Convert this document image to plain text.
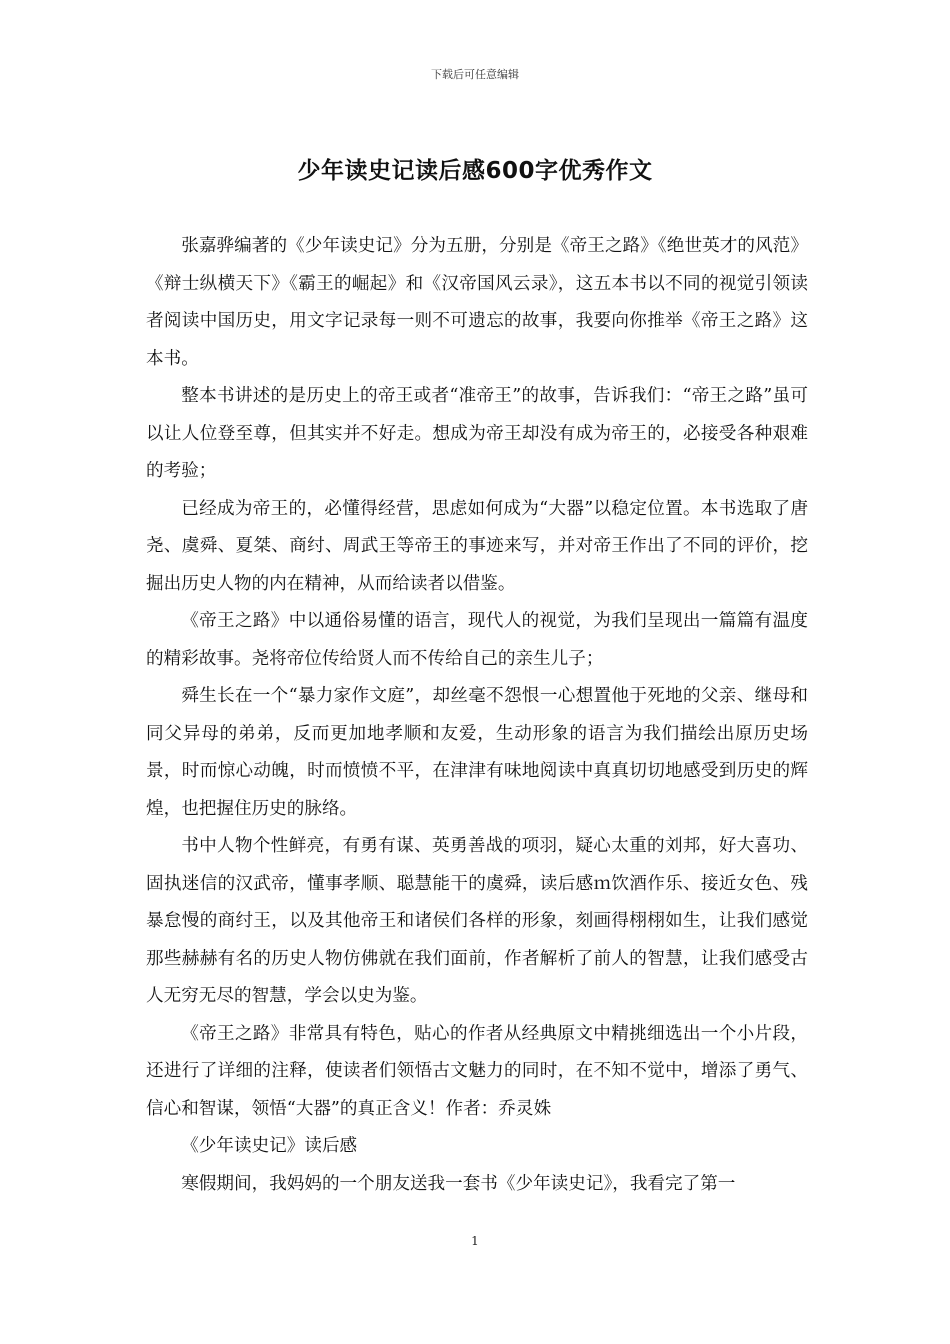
下载后可任意编辑
少年读史记读后感600字优秀作文

张嘉骅编著的《少年读史记》分为五册，分别是《帝王之路》《绝世英才的风范》《辩士纵横天下》《霸王的崛起》和《汉帝国风云录》，这五本书以不同的视觉引领读者阅读中国历史，用文字记录每一则不可遗忘的故事，我要向你推举《帝王之路》这本书。

整本书讲述的是历史上的帝王或者“准帝王”的故事，告诉我们：“帝王之路”虽可以让人位登至尊，但其实并不好走。想成为帝王却没有成为帝王的，必接受各种艰难的考验；

已经成为帝王的，必懂得经营，思虑如何成为“大器”以稳定位置。本书选取了唐尧、虞舜、夏桀、商纣、周武王等帝王的事迹来写，并对帝王作出了不同的评价，挖掘出历史人物的内在精神，从而给读者以借鉴。

《帝王之路》中以通俗易懂的语言，现代人的视觉，为我们呈现出一篇篇有温度的精彩故事。尧将帝位传给贤人而不传给自己的亲生儿子；

舜生长在一个“暴力家作文庭”，却丝毫不怨恨一心想置他于死地的父亲、继母和同父异母的弟弟，反而更加地孝顺和友爱，生动形象的语言为我们描绘出原历史场景，时而惊心动魄，时而愤愤不平，在津津有味地阅读中真真切切地感受到历史的辉煌，也把握住历史的脉络。

书中人物个性鲜亮，有勇有谋、英勇善战的项羽，疑心太重的刘邦，好大喜功、固执迷信的汉武帝，懂事孝顺、聪慧能干的虞舜，读后感ｍ饮酒作乐、接近女色、残暴怠慢的商纣王，以及其他帝王和诸侯们各样的形象，刻画得栩栩如生，让我们感觉那些赫赫有名的历史人物仿佛就在我们面前，作者解析了前人的智慧，让我们感受古人无穷无尽的智慧，学会以史为鉴。

《帝王之路》非常具有特色，贴心的作者从经典原文中精挑细选出一个小片段，还进行了详细的注释，使读者们领悟古文魅力的同时，在不知不觉中，增添了勇气、信心和智谋，领悟“大器”的真正含义！作者：乔灵姝

《少年读史记》读后感

寒假期间，我妈妈的一个朋友送我一套书《少年读史记》，我看完了第一

1
